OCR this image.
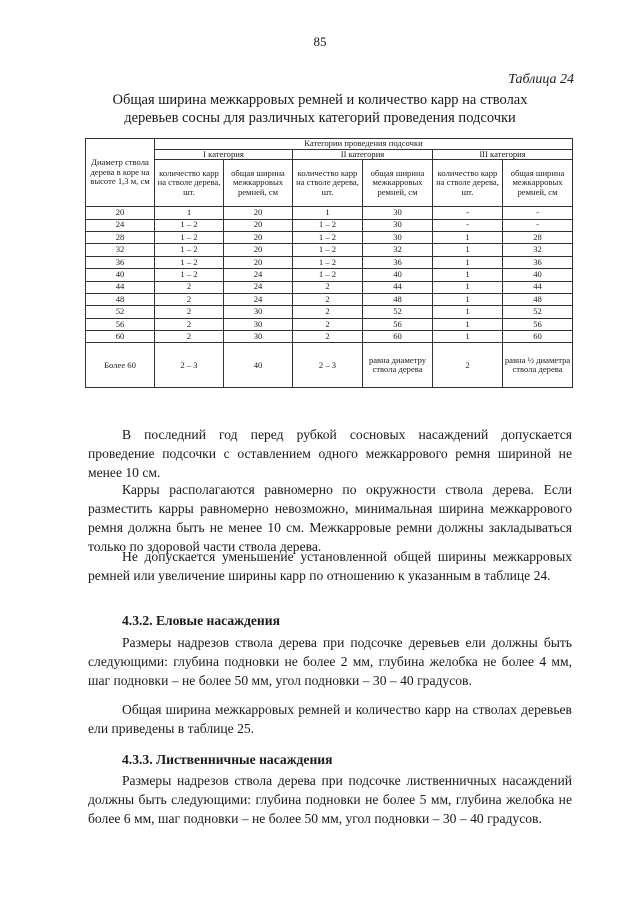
85
Таблица 24
Общая ширина межкарровых ремней и количество карр на стволах
деревьев сосны для различных категорий проведения подсочки
Диаметр ствола дерева в коре на высоте 1,3 м, см	Категории проведения подсочки					
	I категория		II категория		III категория	
	количество карр на стволе дерева, шт.	общая ширина межкарровых ремней, см	количество карр на стволе дерева, шт.	общая ширина межкарровых ремней, см	количество карр на стволе дерева, шт.	общая ширина межкарровых ремней, см
20	1	20	1	30	-	-
24	1 – 2	20	1 – 2	30	-	-
28	1 – 2	20	1 – 2	30	1	28
32	1 – 2	20	1 – 2	32	1	32
36	1 – 2	20	1 – 2	36	1	36
40	1 – 2	24	1 – 2	40	1	40
44	2	24	2	44	1	44
48	2	24	2	48	1	48
52	2	30	2	52	1	52
56	2	30	2	56	1	56
60	2	30	2	60	1	60
Более 60	2 – 3	40	2 – 3	равна диаметру ствола дерева	2	равна ½ диаметра ствола дерева
В последний год перед рубкой сосновых насаждений допускается проведение подсочки с оставлением одного межкаррового ремня шириной не менее 10 см.
Карры располагаются равномерно по окружности ствола дерева. Если разместить карры равномерно невозможно, минимальная ширина межкаррового ремня должна быть не менее 10 см. Межкарровые ремни должны закладываться только по здоровой части ствола дерева.
Не допускается уменьшение установленной общей ширины межкарровых ремней или увеличение ширины карр по отношению к указанным в таблице 24.
4.3.2. Еловые насаждения
Размеры надрезов ствола дерева при подсочке деревьев ели должны быть следующими: глубина подновки не более 2 мм, глубина желобка не более 4 мм, шаг подновки – не более 50 мм, угол подновки – 30 – 40 градусов.
Общая ширина межкарровых ремней и количество карр на стволах деревьев ели приведены в таблице 25.
4.3.3. Лиственничные насаждения
Размеры надрезов ствола дерева при подсочке лиственничных насаждений должны быть следующими: глубина подновки не более 5 мм, глубина желобка не более 6 мм, шаг подновки – не более 50 мм, угол подновки – 30 – 40 градусов.
